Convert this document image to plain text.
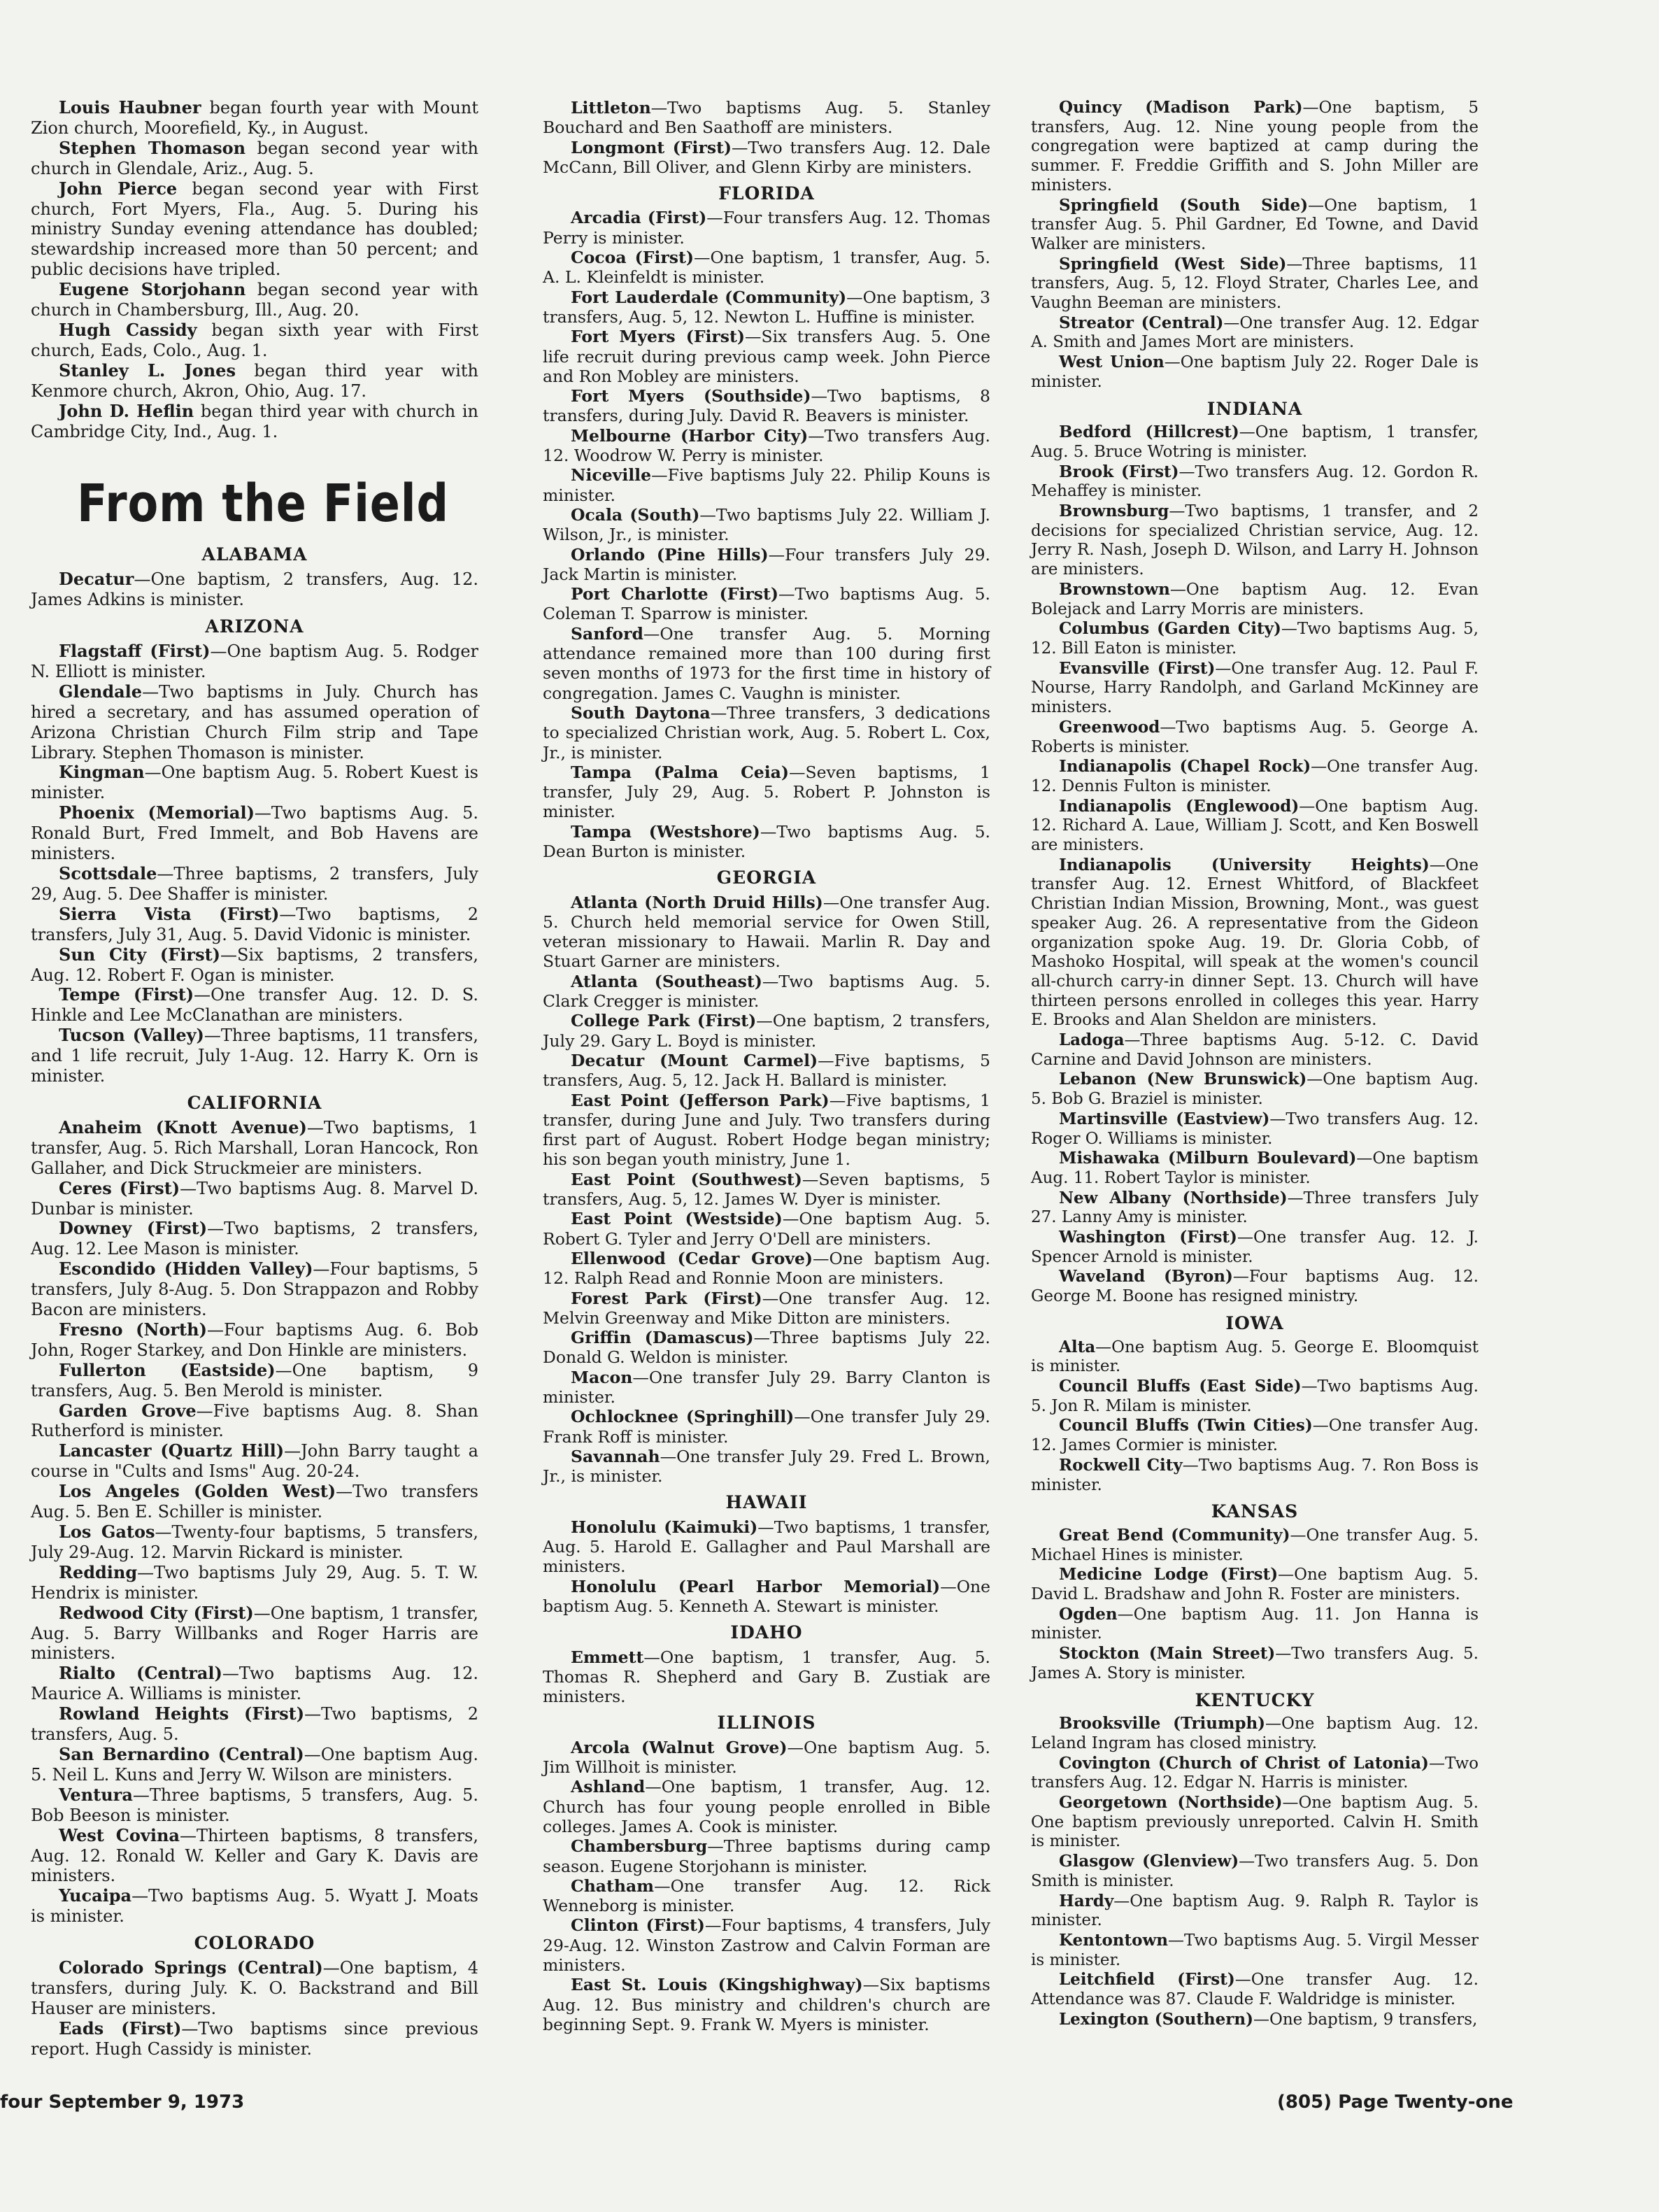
Louis Haubner began fourth year with Mount Zion church, Moorefield, Ky., in August.

Stephen Thomason began second year with church in Glendale, Ariz., Aug. 5.

John Pierce began second year with First church, Fort Myers, Fla., Aug. 5. During his ministry Sunday evening attendance has doubled; stewardship increased more than 50 percent; and public decisions have tripled.

Eugene Storjohann began second year with church in Chambersburg, Ill., Aug. 20.

Hugh Cassidy began sixth year with First church, Eads, Colo., Aug. 1.

Stanley L. Jones began third year with Kenmore church, Akron, Ohio, Aug. 17.

John D. Heflin began third year with church in Cambridge City, Ind., Aug. 1.

From the Field
ALABAMA

Decatur—One baptism, 2 transfers, Aug. 12. James Adkins is minister.

ARIZONA

Flagstaff (First)—One baptism Aug. 5. Rodger N. Elliott is minister.

Glendale—Two baptisms in July. Church has hired a secretary, and has assumed operation of Arizona Christian Church Film strip and Tape Library. Stephen Thomason is minister.

Kingman—One baptism Aug. 5. Robert Kuest is minister.

Phoenix (Memorial)—Two baptisms Aug. 5. Ronald Burt, Fred Immelt, and Bob Havens are ministers.

Scottsdale—Three baptisms, 2 transfers, July 29, Aug. 5. Dee Shaffer is minister.

Sierra Vista (First)—Two baptisms, 2 transfers, July 31, Aug. 5. David Vidonic is minister.

Sun City (First)—Six baptisms, 2 transfers, Aug. 12. Robert F. Ogan is minister.

Tempe (First)—One transfer Aug. 12. D. S. Hinkle and Lee McClanathan are ministers.

Tucson (Valley)—Three baptisms, 11 transfers, and 1 life recruit, July 1-Aug. 12. Harry K. Orn is minister.

CALIFORNIA

Anaheim (Knott Avenue)—Two baptisms, 1 transfer, Aug. 5. Rich Marshall, Loran Hancock, Ron Gallaher, and Dick Struckmeier are ministers.

Ceres (First)—Two baptisms Aug. 8. Marvel D. Dunbar is minister.

Downey (First)—Two baptisms, 2 transfers, Aug. 12. Lee Mason is minister.

Escondido (Hidden Valley)—Four baptisms, 5 transfers, July 8-Aug. 5. Don Strappazon and Robby Bacon are ministers.

Fresno (North)—Four baptisms Aug. 6. Bob John, Roger Starkey, and Don Hinkle are ministers.

Fullerton (Eastside)—One baptism, 9 transfers, Aug. 5. Ben Merold is minister.

Garden Grove—Five baptisms Aug. 8. Shan Rutherford is minister.

Lancaster (Quartz Hill)—John Barry taught a course in "Cults and Isms" Aug. 20-24.

Los Angeles (Golden West)—Two transfers Aug. 5. Ben E. Schiller is minister.

Los Gatos—Twenty-four baptisms, 5 transfers, July 29-Aug. 12. Marvin Rickard is minister.

Redding—Two baptisms July 29, Aug. 5. T. W. Hendrix is minister.

Redwood City (First)—One baptism, 1 transfer, Aug. 5. Barry Willbanks and Roger Harris are ministers.

Rialto (Central)—Two baptisms Aug. 12. Maurice A. Williams is minister.

Rowland Heights (First)—Two baptisms, 2 transfers, Aug. 5.

San Bernardino (Central)—One baptism Aug. 5. Neil L. Kuns and Jerry W. Wilson are ministers.

Ventura—Three baptisms, 5 transfers, Aug. 5. Bob Beeson is minister.

West Covina—Thirteen baptisms, 8 transfers, Aug. 12. Ronald W. Keller and Gary K. Davis are ministers.

Yucaipa—Two baptisms Aug. 5. Wyatt J. Moats is minister.

COLORADO

Colorado Springs (Central)—One baptism, 4 transfers, during July. K. O. Backstrand and Bill Hauser are ministers.

Eads (First)—Two baptisms since previous report. Hugh Cassidy is minister.

Littleton—Two baptisms Aug. 5. Stanley Bouchard and Ben Saathoff are ministers.

Longmont (First)—Two transfers Aug. 12. Dale McCann, Bill Oliver, and Glenn Kirby are ministers.

FLORIDA

Arcadia (First)—Four transfers Aug. 12. Thomas Perry is minister.

Cocoa (First)—One baptism, 1 transfer, Aug. 5. A. L. Kleinfeldt is minister.

Fort Lauderdale (Community)—One baptism, 3 transfers, Aug. 5, 12. Newton L. Huffine is minister.

Fort Myers (First)—Six transfers Aug. 5. One life recruit during previous camp week. John Pierce and Ron Mobley are ministers.

Fort Myers (Southside)—Two baptisms, 8 transfers, during July. David R. Beavers is minister.

Melbourne (Harbor City)—Two transfers Aug. 12. Woodrow W. Perry is minister.

Niceville—Five baptisms July 22. Philip Kouns is minister.

Ocala (South)—Two baptisms July 22. William J. Wilson, Jr., is minister.

Orlando (Pine Hills)—Four transfers July 29. Jack Martin is minister.

Port Charlotte (First)—Two baptisms Aug. 5. Coleman T. Sparrow is minister.

Sanford—One transfer Aug. 5. Morning attendance remained more than 100 during first seven months of 1973 for the first time in history of congregation. James C. Vaughn is minister.

South Daytona—Three transfers, 3 dedications to specialized Christian work, Aug. 5. Robert L. Cox, Jr., is minister.

Tampa (Palma Ceia)—Seven baptisms, 1 transfer, July 29, Aug. 5. Robert P. Johnston is minister.

Tampa (Westshore)—Two baptisms Aug. 5. Dean Burton is minister.

GEORGIA

Atlanta (North Druid Hills)—One transfer Aug. 5. Church held memorial service for Owen Still, veteran missionary to Hawaii. Marlin R. Day and Stuart Garner are ministers.

Atlanta (Southeast)—Two baptisms Aug. 5. Clark Cregger is minister.

College Park (First)—One baptism, 2 transfers, July 29. Gary L. Boyd is minister.

Decatur (Mount Carmel)—Five baptisms, 5 transfers, Aug. 5, 12. Jack H. Ballard is minister.

East Point (Jefferson Park)—Five baptisms, 1 transfer, during June and July. Two transfers during first part of August. Robert Hodge began ministry; his son began youth ministry, June 1.

East Point (Southwest)—Seven baptisms, 5 transfers, Aug. 5, 12. James W. Dyer is minister.

East Point (Westside)—One baptism Aug. 5. Robert G. Tyler and Jerry O'Dell are ministers.

Ellenwood (Cedar Grove)—One baptism Aug. 12. Ralph Read and Ronnie Moon are ministers.

Forest Park (First)—One transfer Aug. 12. Melvin Greenway and Mike Ditton are ministers.

Griffin (Damascus)—Three baptisms July 22. Donald G. Weldon is minister.

Macon—One transfer July 29. Barry Clanton is minister.

Ochlocknee (Springhill)—One transfer July 29. Frank Roff is minister.

Savannah—One transfer July 29. Fred L. Brown, Jr., is minister.

HAWAII

Honolulu (Kaimuki)—Two baptisms, 1 transfer, Aug. 5. Harold E. Gallagher and Paul Marshall are ministers.

Honolulu (Pearl Harbor Memorial)—One baptism Aug. 5. Kenneth A. Stewart is minister.

IDAHO

Emmett—One baptism, 1 transfer, Aug. 5. Thomas R. Shepherd and Gary B. Zustiak are ministers.

ILLINOIS

Arcola (Walnut Grove)—One baptism Aug. 5. Jim Willhoit is minister.

Ashland—One baptism, 1 transfer, Aug. 12. Church has four young people enrolled in Bible colleges. James A. Cook is minister.

Chambersburg—Three baptisms during camp season. Eugene Storjohann is minister.

Chatham—One transfer Aug. 12. Rick Wenneborg is minister.

Clinton (First)—Four baptisms, 4 transfers, July 29-Aug. 12. Winston Zastrow and Calvin Forman are ministers.

East St. Louis (Kingshighway)—Six baptisms Aug. 12. Bus ministry and children's church are beginning Sept. 9. Frank W. Myers is minister.

Quincy (Madison Park)—One baptism, 5 transfers, Aug. 12. Nine young people from the congregation were baptized at camp during the summer. F. Freddie Griffith and S. John Miller are ministers.

Springfield (South Side)—One baptism, 1 transfer Aug. 5. Phil Gardner, Ed Towne, and David Walker are ministers.

Springfield (West Side)—Three baptisms, 11 transfers, Aug. 5, 12. Floyd Strater, Charles Lee, and Vaughn Beeman are ministers.

Streator (Central)—One transfer Aug. 12. Edgar A. Smith and James Mort are ministers.

West Union—One baptism July 22. Roger Dale is minister.

INDIANA

Bedford (Hillcrest)—One baptism, 1 transfer, Aug. 5. Bruce Wotring is minister.

Brook (First)—Two transfers Aug. 12. Gordon R. Mehaffey is minister.

Brownsburg—Two baptisms, 1 transfer, and 2 decisions for specialized Christian service, Aug. 12. Jerry R. Nash, Joseph D. Wilson, and Larry H. Johnson are ministers.

Brownstown—One baptism Aug. 12. Evan Bolejack and Larry Morris are ministers.

Columbus (Garden City)—Two baptisms Aug. 5, 12. Bill Eaton is minister.

Evansville (First)—One transfer Aug. 12. Paul F. Nourse, Harry Randolph, and Garland McKinney are ministers.

Greenwood—Two baptisms Aug. 5. George A. Roberts is minister.

Indianapolis (Chapel Rock)—One transfer Aug. 12. Dennis Fulton is minister.

Indianapolis (Englewood)—One baptism Aug. 12. Richard A. Laue, William J. Scott, and Ken Boswell are ministers.

Indianapolis (University Heights)—One transfer Aug. 12. Ernest Whitford, of Blackfeet Christian Indian Mission, Browning, Mont., was guest speaker Aug. 26. A representative from the Gideon organization spoke Aug. 19. Dr. Gloria Cobb, of Mashoko Hospital, will speak at the women's council all-church carry-in dinner Sept. 13. Church will have thirteen persons enrolled in colleges this year. Harry E. Brooks and Alan Sheldon are ministers.

Ladoga—Three baptisms Aug. 5-12. C. David Carnine and David Johnson are ministers.

Lebanon (New Brunswick)—One baptism Aug. 5. Bob G. Braziel is minister.

Martinsville (Eastview)—Two transfers Aug. 12. Roger O. Williams is minister.

Mishawaka (Milburn Boulevard)—One baptism Aug. 11. Robert Taylor is minister.

New Albany (Northside)—Three transfers July 27. Lanny Amy is minister.

Washington (First)—One transfer Aug. 12. J. Spencer Arnold is minister.

Waveland (Byron)—Four baptisms Aug. 12. George M. Boone has resigned ministry.

IOWA

Alta—One baptism Aug. 5. George E. Bloomquist is minister.

Council Bluffs (East Side)—Two baptisms Aug. 5. Jon R. Milam is minister.

Council Bluffs (Twin Cities)—One transfer Aug. 12. James Cormier is minister.

Rockwell City—Two baptisms Aug. 7. Ron Boss is minister.

KANSAS

Great Bend (Community)—One transfer Aug. 5. Michael Hines is minister.

Medicine Lodge (First)—One baptism Aug. 5. David L. Bradshaw and John R. Foster are ministers.

Ogden—One baptism Aug. 11. Jon Hanna is minister.

Stockton (Main Street)—Two transfers Aug. 5. James A. Story is minister.

KENTUCKY

Brooksville (Triumph)—One baptism Aug. 12. Leland Ingram has closed ministry.

Covington (Church of Christ of Latonia)—Two transfers Aug. 12. Edgar N. Harris is minister.

Georgetown (Northside)—One baptism Aug. 5. One baptism previously unreported. Calvin H. Smith is minister.

Glasgow (Glenview)—Two transfers Aug. 5. Don Smith is minister.

Hardy—One baptism Aug. 9. Ralph R. Taylor is minister.

Kentontown—Two baptisms Aug. 5. Virgil Messer is minister.

Leitchfield (First)—One transfer Aug. 12. Attendance was 87. Claude F. Waldridge is minister.

Lexington (Southern)—One baptism, 9 transfers,

four September 9, 1973	(805) Page Twenty-one
